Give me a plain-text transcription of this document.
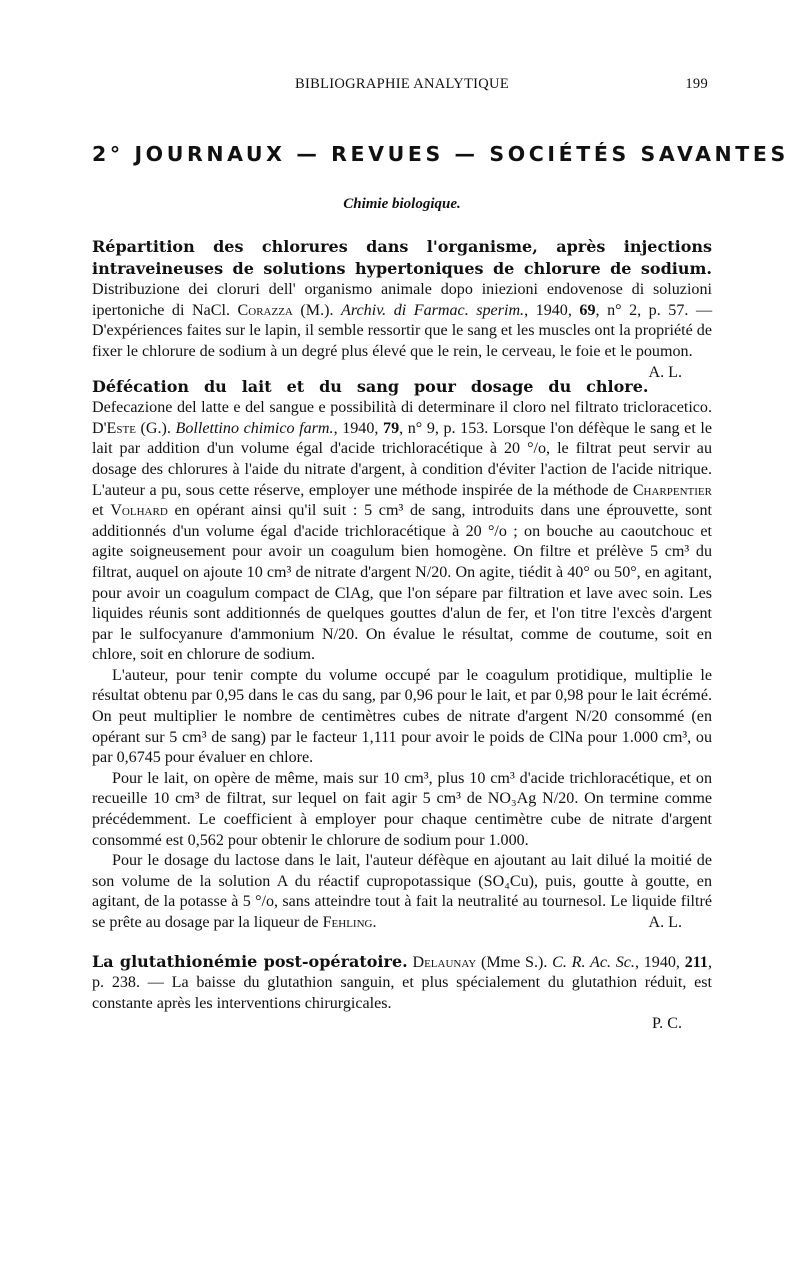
BIBLIOGRAPHIE ANALYTIQUE	199
2° JOURNAUX — REVUES — SOCIÉTÉS SAVANTES
Chimie biologique.

Répartition des chlorures dans l'organisme, après injections intraveineuses de solutions hypertoniques de chlorure de sodium. Distribuzione dei cloruri dell' organismo animale dopo iniezioni endovenose di soluzioni ipertoniche di NaCl. Corazza (M.). Archiv. di Farmac. sperim., 1940, 69, n° 2, p. 57. — D'expériences faites sur le lapin, il semble ressortir que le sang et les muscles ont la propriété de fixer le chlorure de sodium à un degré plus élevé que le rein, le cerveau, le foie et le poumon.
A. L.

Défécation du lait et du sang pour dosage du chlore. Defecazione del latte e del sangue e possibilità di determinare il cloro nel filtrato tricloracetico. D'Este (G.). Bollettino chimico farm., 1940, 79, n° 9, p. 153. Lorsque l'on défèque le sang et le lait par addition d'un volume égal d'acide trichloracétique à 20 °/o, le filtrat peut servir au dosage des chlorures à l'aide du nitrate d'argent, à condition d'éviter l'action de l'acide nitrique. L'auteur a pu, sous cette réserve, employer une méthode inspirée de la méthode de Charpentier et Volhard en opérant ainsi qu'il suit : 5 cm³ de sang, introduits dans une éprouvette, sont additionnés d'un volume égal d'acide trichloracétique à 20 °/o ; on bouche au caoutchouc et agite soigneusement pour avoir un coagulum bien homogène. On filtre et prélève 5 cm³ du filtrat, auquel on ajoute 10 cm³ de nitrate d'argent N/20. On agite, tiédit à 40° ou 50°, en agitant, pour avoir un coagulum compact de ClAg, que l'on sépare par filtration et lave avec soin. Les liquides réunis sont additionnés de quelques gouttes d'alun de fer, et l'on titre l'excès d'argent par le sulfocyanure d'ammonium N/20. On évalue le résultat, comme de coutume, soit en chlore, soit en chlorure de sodium.

L'auteur, pour tenir compte du volume occupé par le coagulum protidique, multiplie le résultat obtenu par 0,95 dans le cas du sang, par 0,96 pour le lait, et par 0,98 pour le lait écrémé. On peut multiplier le nombre de centimètres cubes de nitrate d'argent N/20 consommé (en opérant sur 5 cm³ de sang) par le facteur 1,111 pour avoir le poids de ClNa pour 1.000 cm³, ou par 0,6745 pour évaluer en chlore.

Pour le lait, on opère de même, mais sur 10 cm³, plus 10 cm³ d'acide trichloracétique, et on recueille 10 cm³ de filtrat, sur lequel on fait agir 5 cm³ de NO₃Ag N/20. On termine comme précédemment. Le coefficient à employer pour chaque centimètre cube de nitrate d'argent consommé est 0,562 pour obtenir le chlorure de sodium pour 1.000.

Pour le dosage du lactose dans le lait, l'auteur défèque en ajoutant au lait dilué la moitié de son volume de la solution A du réactif cupropotassique (SO₄Cu), puis, goutte à goutte, en agitant, de la potasse à 5 °/o, sans atteindre tout à fait la neutralité au tournesol. Le liquide filtré se prête au dosage par la liqueur de Fehling.	A. L.

La glutathionémie post-opératoire. Delaunay (Mme S.). C. R. Ac. Sc., 1940, 211, p. 238. — La baisse du glutathion sanguin, et plus spécialement du glutathion réduit, est constante après les interventions chirurgicales.

P. C.
